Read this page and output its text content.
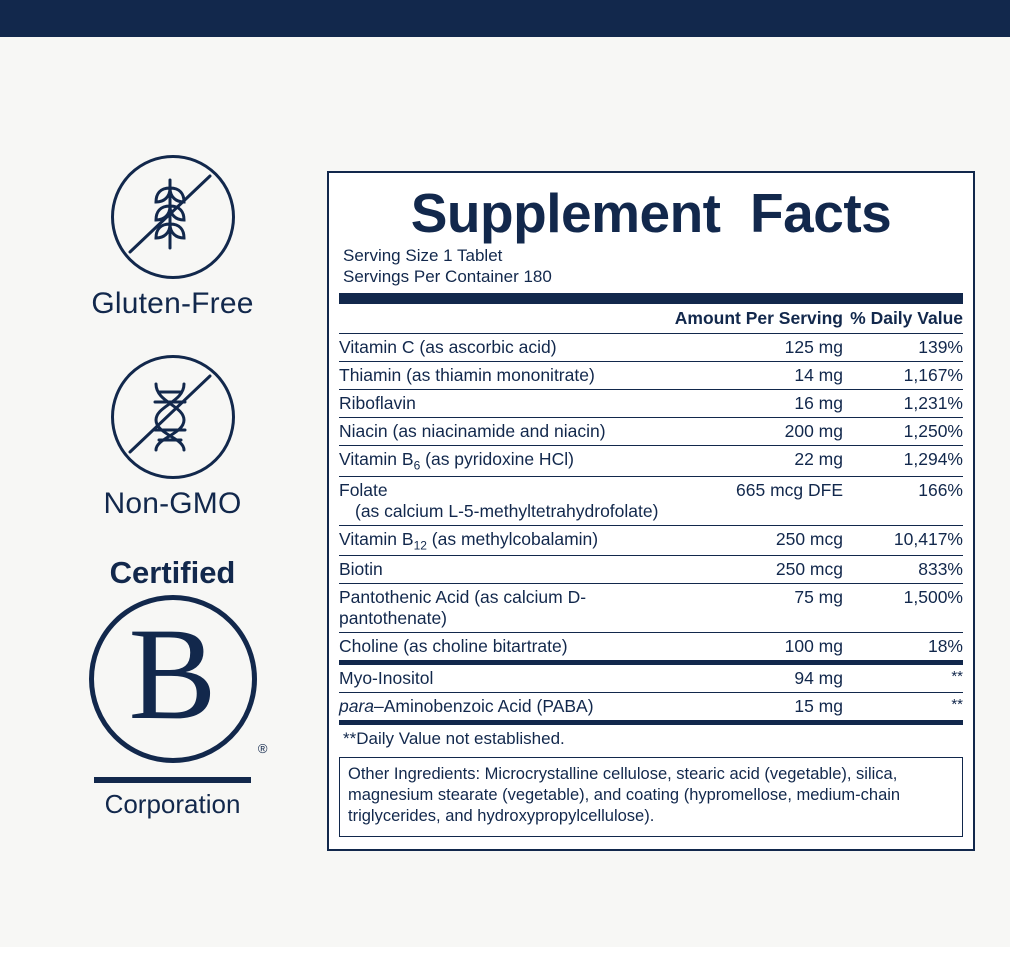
Gluten-Free
Non-GMO
Certified
B
®
Corporation
Supplement  Facts
Serving Size 1 Tablet
Servings Per Container 180
	Amount Per Serving	% Daily Value
Vitamin C (as ascorbic acid)	125 mg	139%
Thiamin (as thiamin mononitrate)	14 mg	1,167%
Riboflavin	16 mg	1,231%
Niacin (as niacinamide and niacin)	200 mg	1,250%
Vitamin $B_6$ (as pyridoxine HCl)	22 mg	1,294%
Folate
(as calcium L-5-methyltetrahydrofolate)	665 mcg DFE	166%
Vitamin $B_{12}$ (as methylcobalamin)	250 mcg	10,417%
Biotin	250 mcg	833%
Pantothenic Acid (as calcium D-pantothenate)	75 mg	1,500%
Choline (as choline bitartrate)	100 mg	18%
Myo-Inositol	94 mg	**
para–Aminobenzoic Acid (PABA)	15 mg	**
**Daily Value not established.
Other Ingredients: Microcrystalline cellulose, stearic acid (vegetable), silica, magnesium stearate (vegetable), and coating (hypromellose, medium-chain triglycerides, and hydroxypropylcellulose).
